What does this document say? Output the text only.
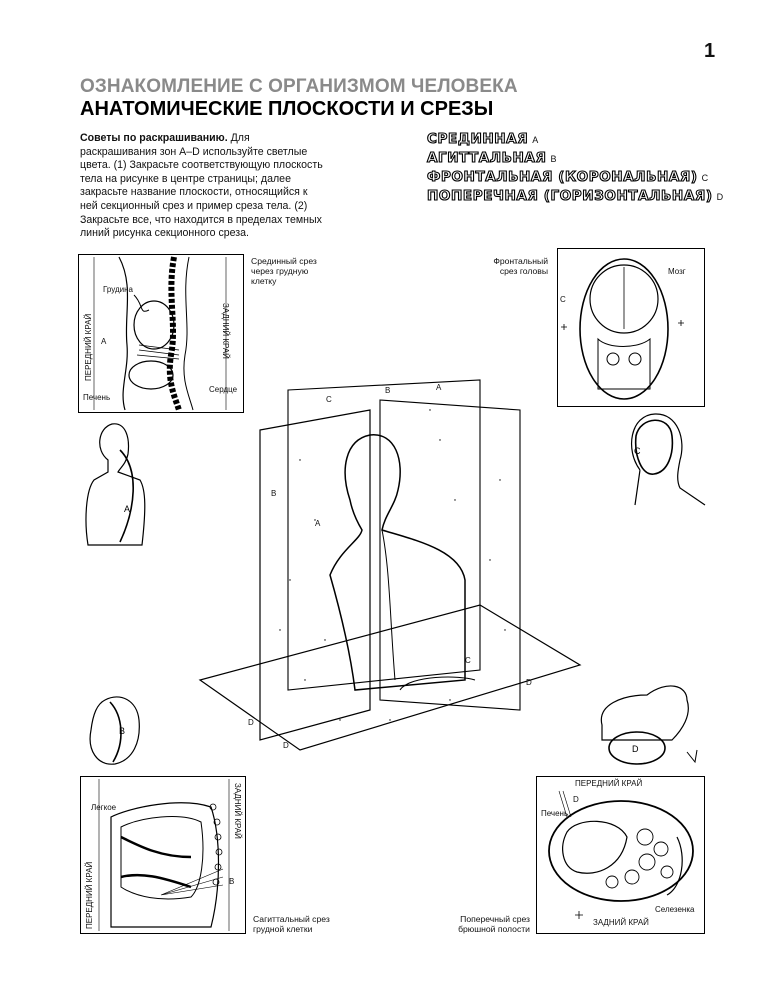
1
ОЗНАКОМЛЕНИЕ С ОРГАНИЗМОМ ЧЕЛОВЕКА
АНАТОМИЧЕСКИЕ ПЛОСКОСТИ И СРЕЗЫ
Советы по раскрашиванию. Для раскрашивания зон A–D используйте светлые цвета. (1) Закрасьте соответствующую плоскость тела на рисунке в центре страницы; далее закрасьте название плоскости, относящийся к ней секционный срез и пример среза тела. (2) Закрасьте все, что находится в пределах темных линий рисунка секционного среза.
СРЕДИННАЯ A
АГИТТАЛЬНАЯ B
ФРОНТАЛЬНАЯ (КОРОНАЛЬНАЯ) C
ПОПЕРЕЧНАЯ (ГОРИЗОНТАЛЬНАЯ) D
Грудина
A
Сердце
Печень
ПЕРЕДНИЙ КРАЙ	ЗАДНИЙ КРАЙ
Срединный срез
через грудную
клетку
Фронтальный
срез головы	Мозг
C
A
C
C
B	A
B
A
C
D
D
D
B
D
Легкое
B
ПЕРЕДНИЙ КРАЙ
ЗАДНИЙ КРАЙ
Сагиттальный срез
грудной клетки
Поперечный срез
брюшной полости
ПЕРЕДНИЙ КРАЙ
D
Печень
Селезенка
ЗАДНИЙ КРАЙ
